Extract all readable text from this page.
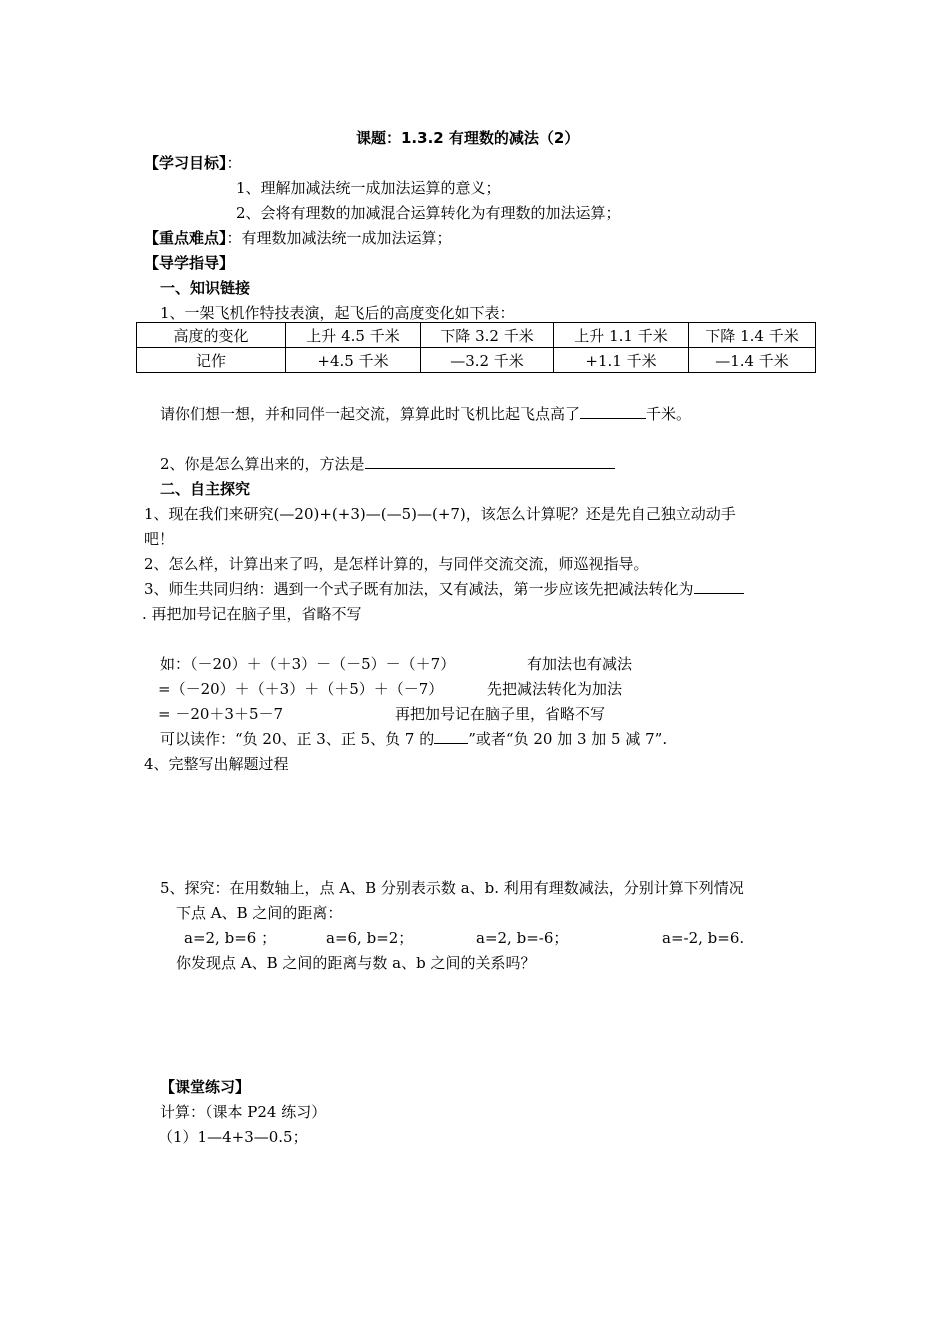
课题：1.3.2 有理数的减法（2）
【学习目标】：
1、理解加减法统一成加法运算的意义；
2、会将有理数的加减混合运算转化为有理数的加法运算；
【重点难点】：有理数加减法统一成加法运算；
【导学指导】
一、知识链接
1、一架飞机作特技表演，起飞后的高度变化如下表：
高度的变化	上升 4.5 千米	下降 3.2 千米	上升 1.1 千米	下降 1.4 千米
记作	+4.5 千米	—3.2 千米	+1.1 千米	—1.4 千米
请你们想一想，并和同伴一起交流，算算此时飞机比起飞点高了	千米。
2、你是怎么算出来的，方法是
二、自主探究
1、现在我们来研究(—20)+(+3)—(—5)—(+7)，该怎么计算呢？还是先自己独立动动手
吧！
2、怎么样，计算出来了吗，是怎样计算的，与同伴交流交流，师巡视指导。
3、师生共同归纳：遇到一个式子既有加法，又有减法，第一步应该先把减法转化为
. 再把加号记在脑子里，省略不写
如：（－20）＋（＋3）－（－5）－（＋7）	有加法也有减法
=（－20）＋（＋3）＋（＋5）＋（－7）	先把减法转化为加法
= －20＋3＋5－7	再把加号记在脑子里，省略不写
可以读作：“负 20、正 3、正 5、负 7 的 ”或者“负 20 加 3 加 5 减 7”.
4、完整写出解题过程
5、探究：在用数轴上，点 A、B 分别表示数 a、b. 利用有理数减法，分别计算下列情况
下点 A、B 之间的距离：
a=2, b=6 ；	a=6, b=2；	a=2, b=-6；	a=-2, b=6.
你发现点 A、B 之间的距离与数 a、b 之间的关系吗？
【课堂练习】
计算：（课本 P24 练习）
（1）1—4+3—0.5；
